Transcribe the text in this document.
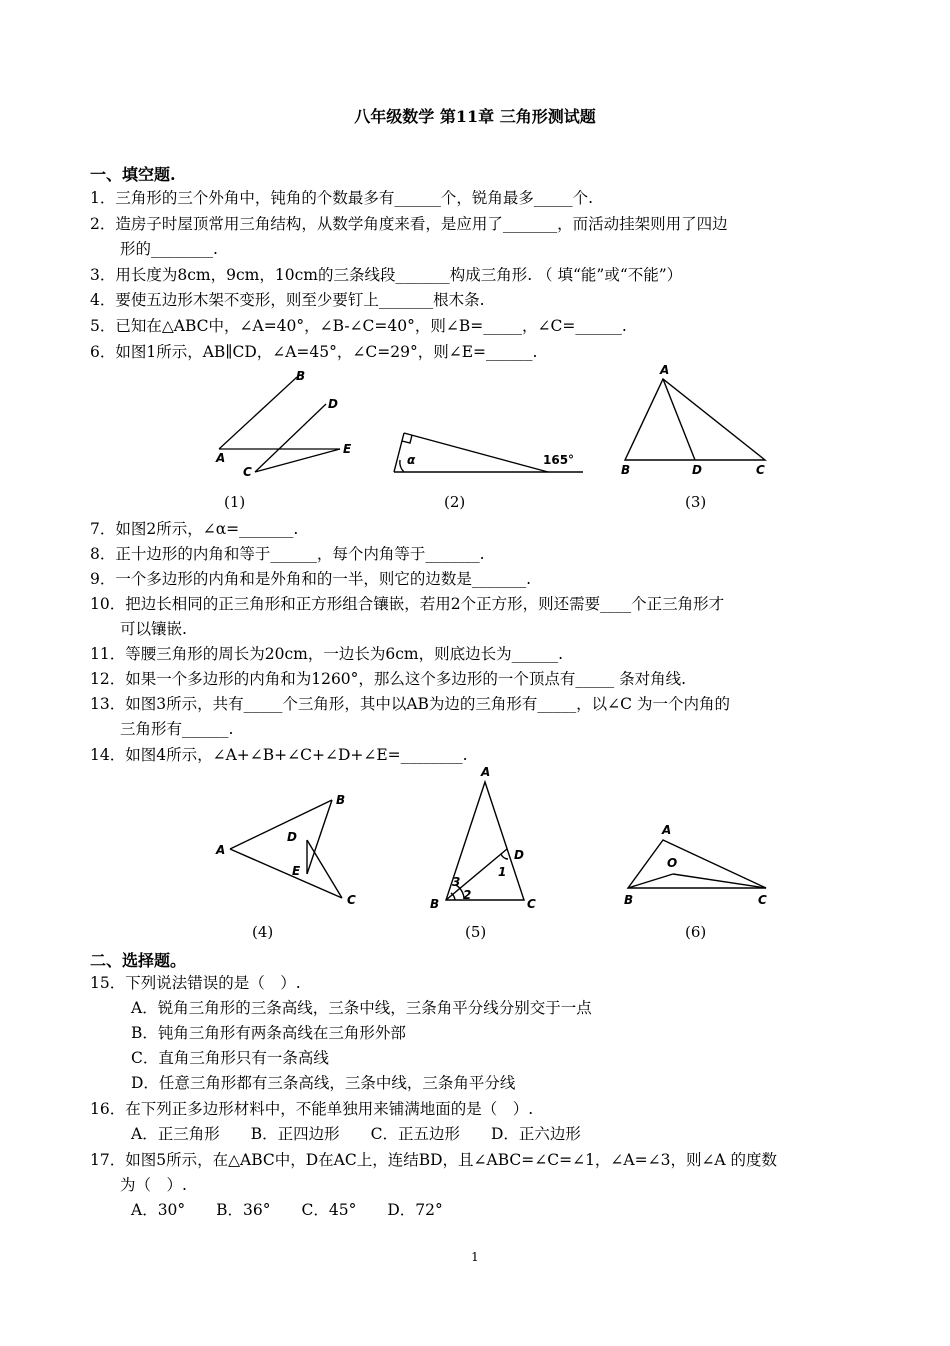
八年级数学 第11章 三角形测试题
一、填空题.
1．三角形的三个外角中，钝角的个数最多有______个，锐角最多_____个.
2．造房子时屋顶常用三角结构，从数学角度来看，是应用了_______，而活动挂架则用了四边
形的________.
3．用长度为8cm，9cm，10cm的三条线段_______构成三角形. （ 填“能”或“不能”）
4．要使五边形木架不变形，则至少要钉上_______根木条.
5．已知在△ABC中，∠A=40°，∠B-∠C=40°，则∠B=_____，∠C=______.
6．如图1所示，AB∥CD，∠A=45°，∠C=29°，则∠E=______.
A
B
C
D
E
α	165°
A
B	D	C
(1)	(2)	(3)
7．如图2所示，∠α=_______.
8．正十边形的内角和等于______，每个内角等于_______.
9．一个多边形的内角和是外角和的一半，则它的边数是_______.
10．把边长相同的正三角形和正方形组合镶嵌，若用2个正方形，则还需要____个正三角形才
可以镶嵌.
11．等腰三角形的周长为20cm，一边长为6cm，则底边长为______.
12．如果一个多边形的内角和为1260°，那么这个多边形的一个顶点有_____ 条对角线.
13．如图3所示，共有_____个三角形，其中以AB为边的三角形有_____，以∠C 为一个内角的
三角形有______.
14．如图4所示，∠A+∠B+∠C+∠D+∠E=________.
A
B
C
D
E
A
B	C
D
1
2
3
A
B	C
O
(4)	(5)	(6)
二、选择题。
15．下列说法错误的是（　）.
A．锐角三角形的三条高线，三条中线，三条角平分线分别交于一点
B．钝角三角形有两条高线在三角形外部
C．直角三角形只有一条高线
D．任意三角形都有三条高线，三条中线，三条角平分线
16．在下列正多边形材料中，不能单独用来铺满地面的是（　）.
A．正三角形　　B．正四边形　　C．正五边形　　D．正六边形
17．如图5所示，在△ABC中，D在AC上，连结BD，且∠ABC=∠C=∠1，∠A=∠3，则∠A 的度数
为（　）.
A．30°　　B．36°　　C．45°　　D．72°
1
